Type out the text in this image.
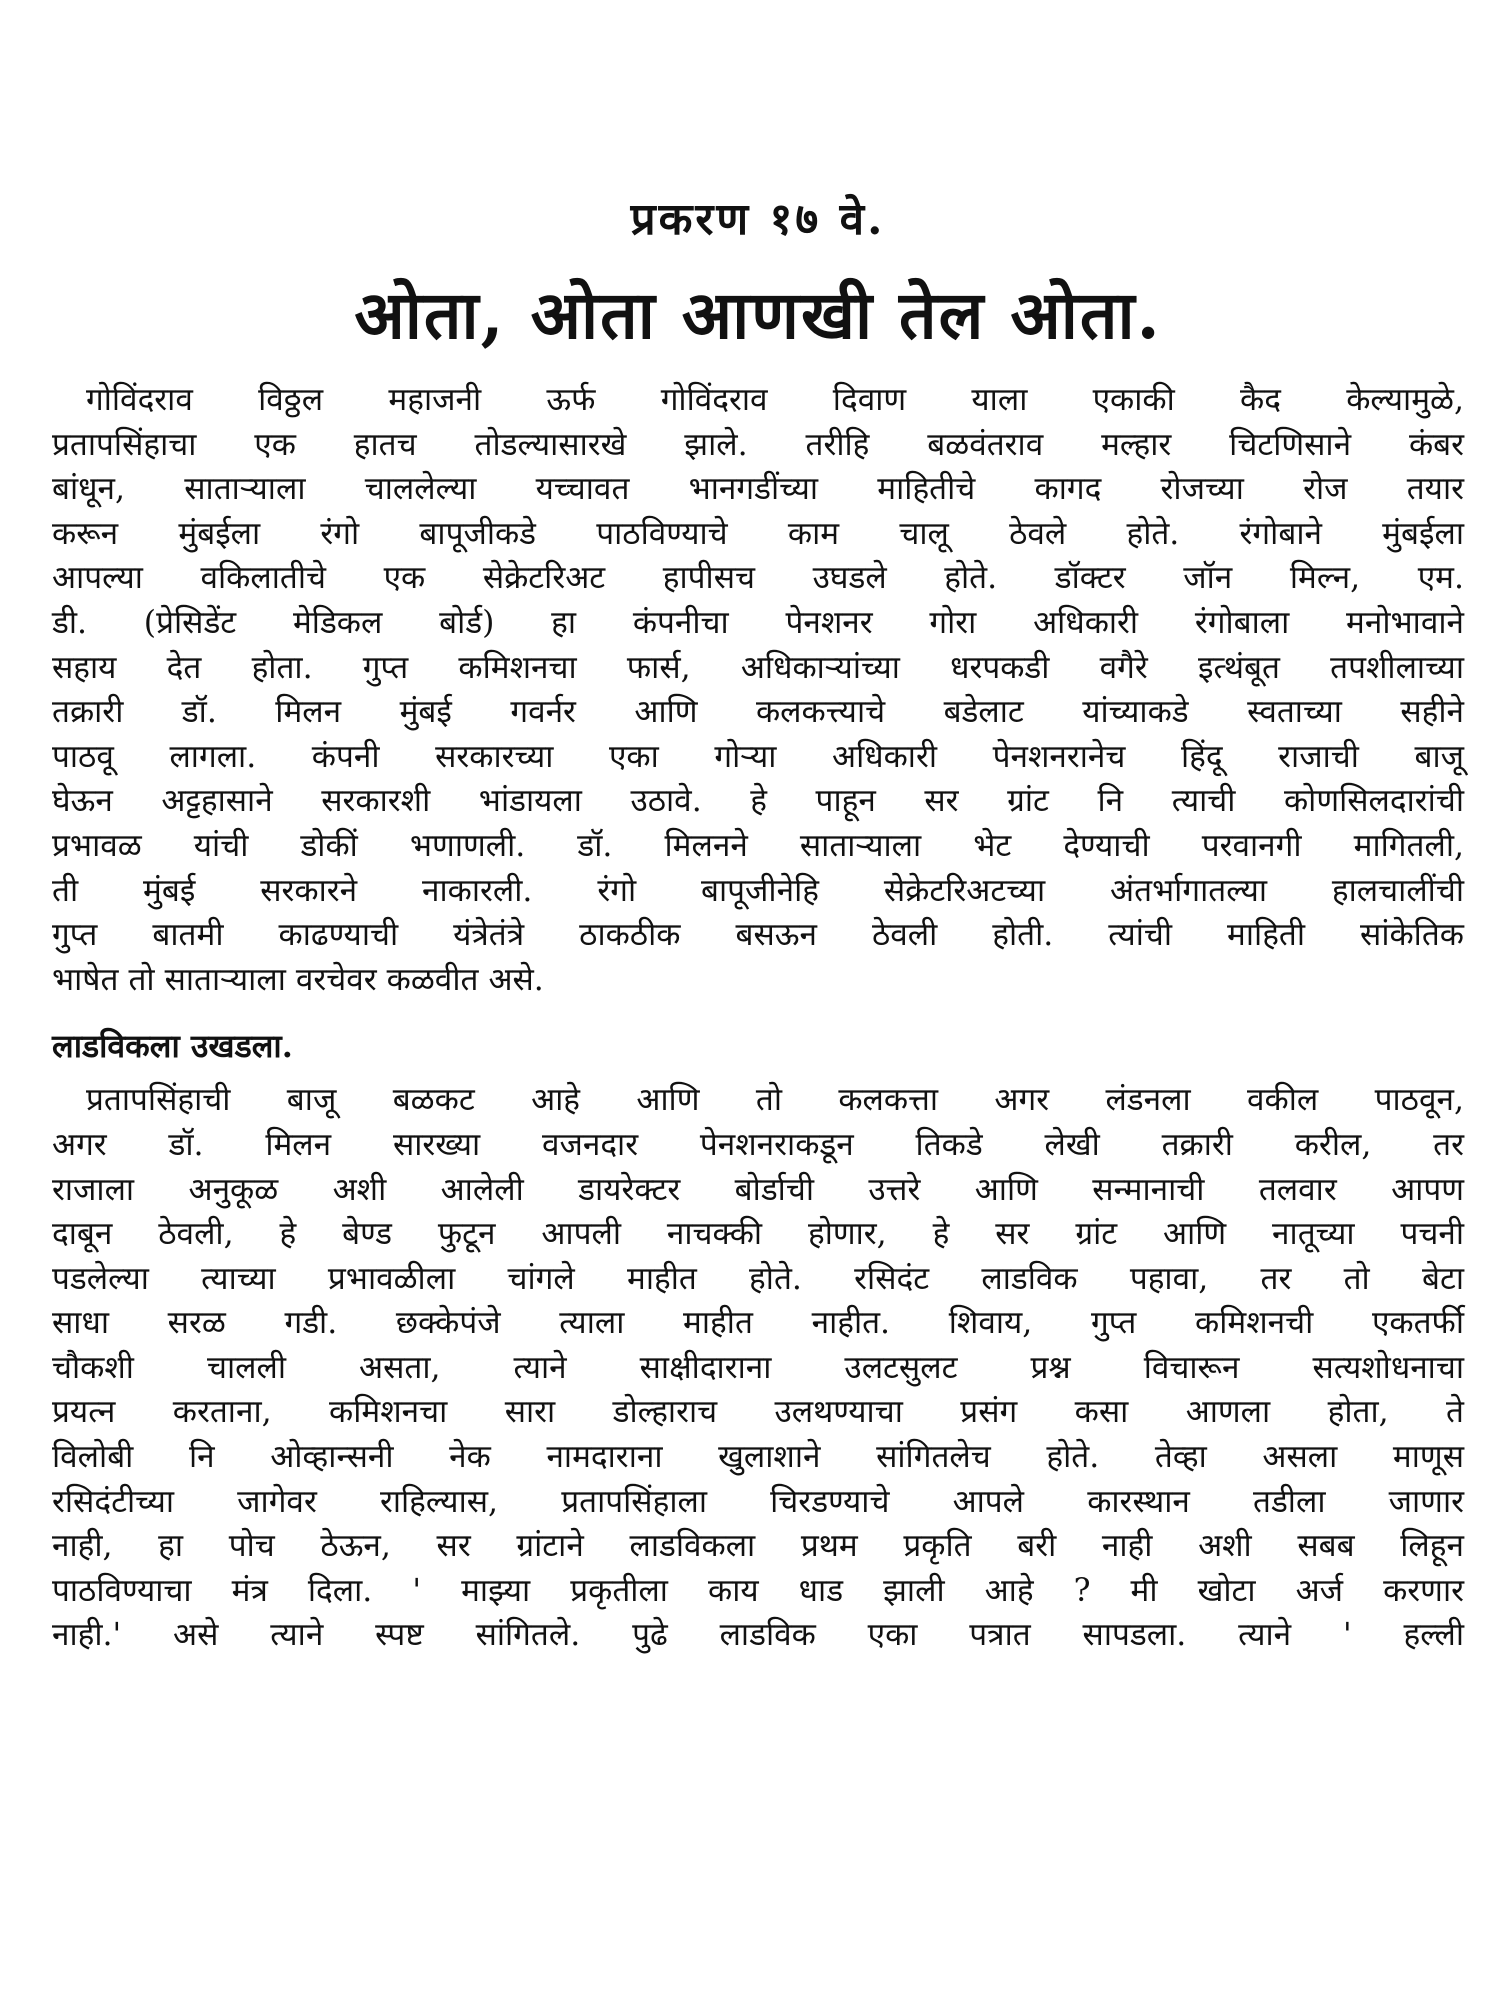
प्रकरण १७ वे.
ओता, ओता आणखी तेल ओता.
गोविंदराव विठ्ठल महाजनी ऊर्फ गोविंदराव दिवाण याला एकाकी कैद केल्यामुळे,
प्रतापसिंहाचा एक हातच तोडल्यासारखे झाले. तरीहि बळवंतराव मल्हार चिटणिसाने कंबर
बांधून, साताऱ्याला चाललेल्या यच्चावत भानगडींच्या माहितीचे कागद रोजच्या रोज तयार
करून मुंबईला रंगो बापूजीकडे पाठविण्याचे काम चालू ठेवले होते. रंगोबाने मुंबईला
आपल्या वकिलातीचे एक सेक्रेटरिअट हापीसच उघडले होते. डॉक्टर जॉन मिल्न, एम.
डी. (प्रेसिडेंट मेडिकल बोर्ड) हा कंपनीचा पेनशनर गोरा अधिकारी रंगोबाला मनोभावाने
सहाय देत होता. गुप्त कमिशनचा फार्स, अधिकाऱ्यांच्या धरपकडी वगैरे इत्थंबूत तपशीलाच्या
तक्रारी डॉ. मिलन मुंबई गवर्नर आणि कलकत्त्याचे बडेलाट यांच्याकडे स्वताच्या सहीने
पाठवू लागला. कंपनी सरकारच्या एका गोऱ्या अधिकारी पेनशनरानेच हिंदू राजाची बाजू
घेऊन अट्टहासाने सरकारशी भांडायला उठावे. हे पाहून सर ग्रांट नि त्याची कोणसिलदारांची
प्रभावळ यांची डोकीं भणाणली. डॉ. मिलनने साताऱ्याला भेट देण्याची परवानगी मागितली,
ती मुंबई सरकारने नाकारली. रंगो बापूजीनेहि सेक्रेटरिअटच्या अंतर्भागातल्या हालचालींची
गुप्त बातमी काढण्याची यंत्रेतंत्रे ठाकठीक बसऊन ठेवली होती. त्यांची माहिती सांकेतिक
भाषेत तो साताऱ्याला वरचेवर कळवीत असे.
लाडविकला उखडला.
प्रतापसिंहाची बाजू बळकट आहे आणि तो कलकत्ता अगर लंडनला वकील पाठवून,
अगर डॉ. मिलन सारख्या वजनदार पेनशनराकडून तिकडे लेखी तक्रारी करील, तर
राजाला अनुकूळ अशी आलेली डायरेक्टर बोर्डाची उत्तरे आणि सन्मानाची तलवार आपण
दाबून ठेवली, हे बेण्ड फुटून आपली नाचक्की होणार, हे सर ग्रांट आणि नातूच्या पचनी
पडलेल्या त्याच्या प्रभावळीला चांगले माहीत होते. रसिदंट लाडविक पहावा, तर तो बेटा
साधा सरळ गडी. छक्केपंजे त्याला माहीत नाहीत. शिवाय, गुप्त कमिशनची एकतर्फी
चौकशी चालली असता, त्याने साक्षीदाराना उलटसुलट प्रश्न विचारून सत्यशोधनाचा
प्रयत्न करताना, कमिशनचा सारा डोल्हाराच उलथण्याचा प्रसंग कसा आणला होता, ते
विलोबी नि ओव्हान्सनी नेक नामदाराना खुलाशाने सांगितलेच होते. तेव्हा असला माणूस
रसिदंटीच्या जागेवर राहिल्यास, प्रतापसिंहाला चिरडण्याचे आपले कारस्थान तडीला जाणार
नाही, हा पोच ठेऊन, सर ग्रांटाने लाडविकला प्रथम प्रकृति बरी नाही अशी सबब लिहून
पाठविण्याचा मंत्र दिला. ' माझ्या प्रकृतीला काय धाड झाली आहे ? मी खोटा अर्ज करणार
नाही.' असे त्याने स्पष्ट सांगितले. पुढे लाडविक एका पत्रात सापडला. त्याने ' हल्ली
